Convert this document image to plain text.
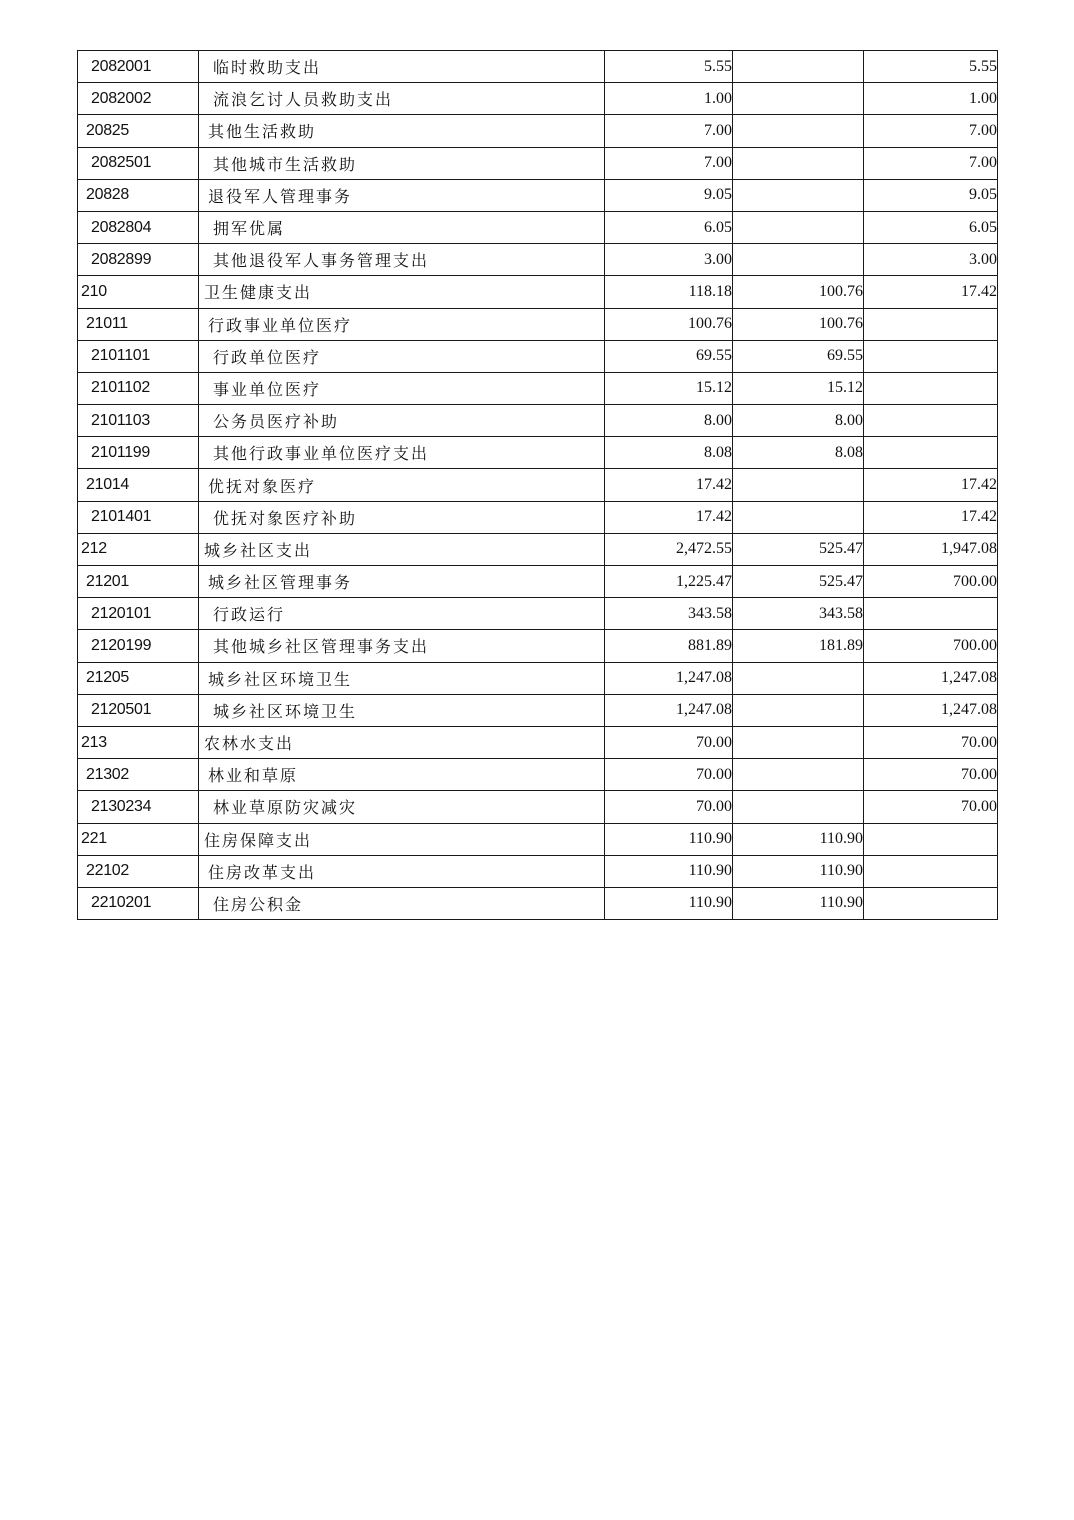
2082001	临时救助支出	5.55		5.55
2082002	流浪乞讨人员救助支出	1.00		1.00
20825	其他生活救助	7.00		7.00
2082501	其他城市生活救助	7.00		7.00
20828	退役军人管理事务	9.05		9.05
2082804	拥军优属	6.05		6.05
2082899	其他退役军人事务管理支出	3.00		3.00
210	卫生健康支出	118.18	100.76	17.42
21011	行政事业单位医疗	100.76	100.76	
2101101	行政单位医疗	69.55	69.55	
2101102	事业单位医疗	15.12	15.12	
2101103	公务员医疗补助	8.00	8.00	
2101199	其他行政事业单位医疗支出	8.08	8.08	
21014	优抚对象医疗	17.42		17.42
2101401	优抚对象医疗补助	17.42		17.42
212	城乡社区支出	2,472.55	525.47	1,947.08
21201	城乡社区管理事务	1,225.47	525.47	700.00
2120101	行政运行	343.58	343.58	
2120199	其他城乡社区管理事务支出	881.89	181.89	700.00
21205	城乡社区环境卫生	1,247.08		1,247.08
2120501	城乡社区环境卫生	1,247.08		1,247.08
213	农林水支出	70.00		70.00
21302	林业和草原	70.00		70.00
2130234	林业草原防灾减灾	70.00		70.00
221	住房保障支出	110.90	110.90	
22102	住房改革支出	110.90	110.90	
2210201	住房公积金	110.90	110.90	
